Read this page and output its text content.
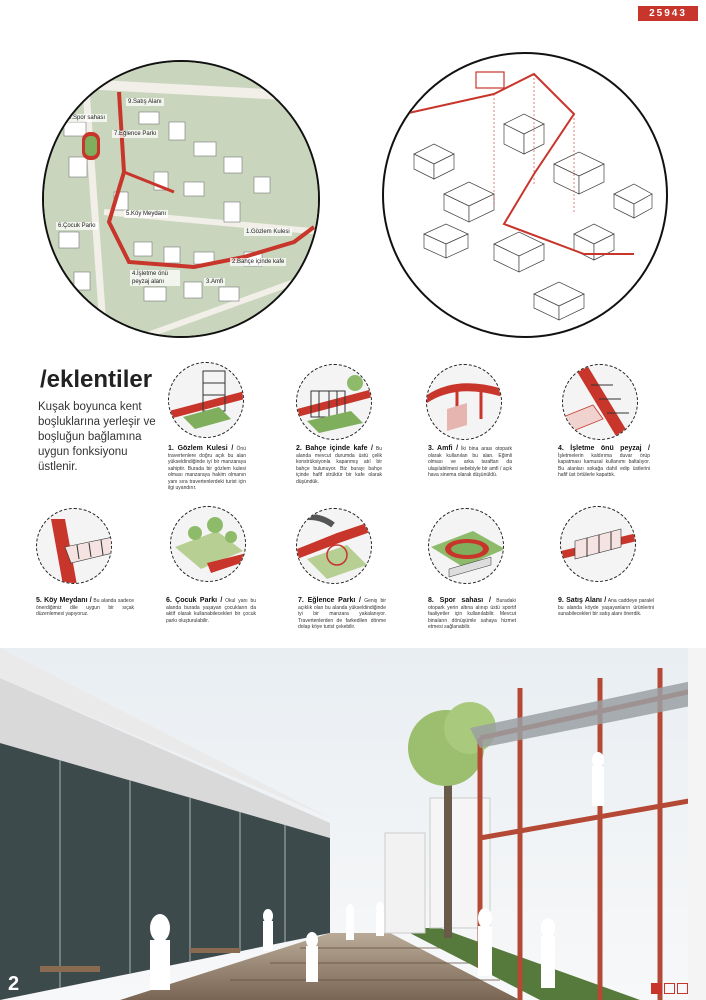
25943
9.Satış Alanı
8.Spor sahası
7.Eğlence Parkı
5.Köy Meydanı
6.Çocuk Parkı
1.Gözlem Kulesi
2.Bahçe içinde kafe
4.İşletme önü peyzaj alanı	3.Amfi
/eklentiler
Kuşak boyunca kent boşluklarına yerleşir ve boşluğun bağlamına uygun fonksiyonu üstlenir.
1. Gözlem Kulesi / Önü travertenlere doğru açık bu alan yükseldindiğinde iyi bir manzaraya sahiptir. Burada bir gözlem kulesi olması manzaraya hakim olmanın yanı sıra travertenlerdeki turist için ilgi uyandırır.
2. Bahçe içinde kafe / Bu alanda mevcut durumda üstü çelik konstrüksiyonla kapanmış atıl bir bahçe bulunuyor. Biz burayı bahçe içinde hafif strüktür bir kafe olarak düşündük.
3. Amfi / İki bina arası otopark olarak kullanılan bu alan. Eğimli olması ve arka taraftan da ulaşılabilmesi sebebiyle bir amfi / açık hava sinema olarak düşünüldü.
4. İşletme önü peyzaj / İşletmelerin kaldırıma duvar örüp kapatması kamusal kullanımı baltalıyor. Bu alanları sokağa dahil edip üstlerini hafif üst örtülerle kapattık.
5. Köy Meydanı / Bu alanda sadece önerdiğimiz dile uygun bir sıçak düzenlemesi yapıyoruz.
6. Çocuk Parkı / Okul yanı bu alanda burada yaşayan çocukların da aktif olarak kullanabilecekleri bir çocuk parkı oluşturulabilir.
7. Eğlence Parkı / Geniş bir açıklık olan bu alanda yükseldindiğinde iyi bir manzara yakalanıyor. Travertenlerden de farkedilen dönme dolap köye turist çekebilir.
8. Spor sahası / Buradaki otopark yerin altına alınıp üstü sportif faaliyetler için kullanılabilir. Mevcut binaların dönüşümle sahaya hizmet etmesi sağlanabilir.
9. Satış Alanı / Ana caddeye paralel bu alanda köyde yaşayanların ürünlerini sunabilecekleri bir satış alanı önerdik.
2
